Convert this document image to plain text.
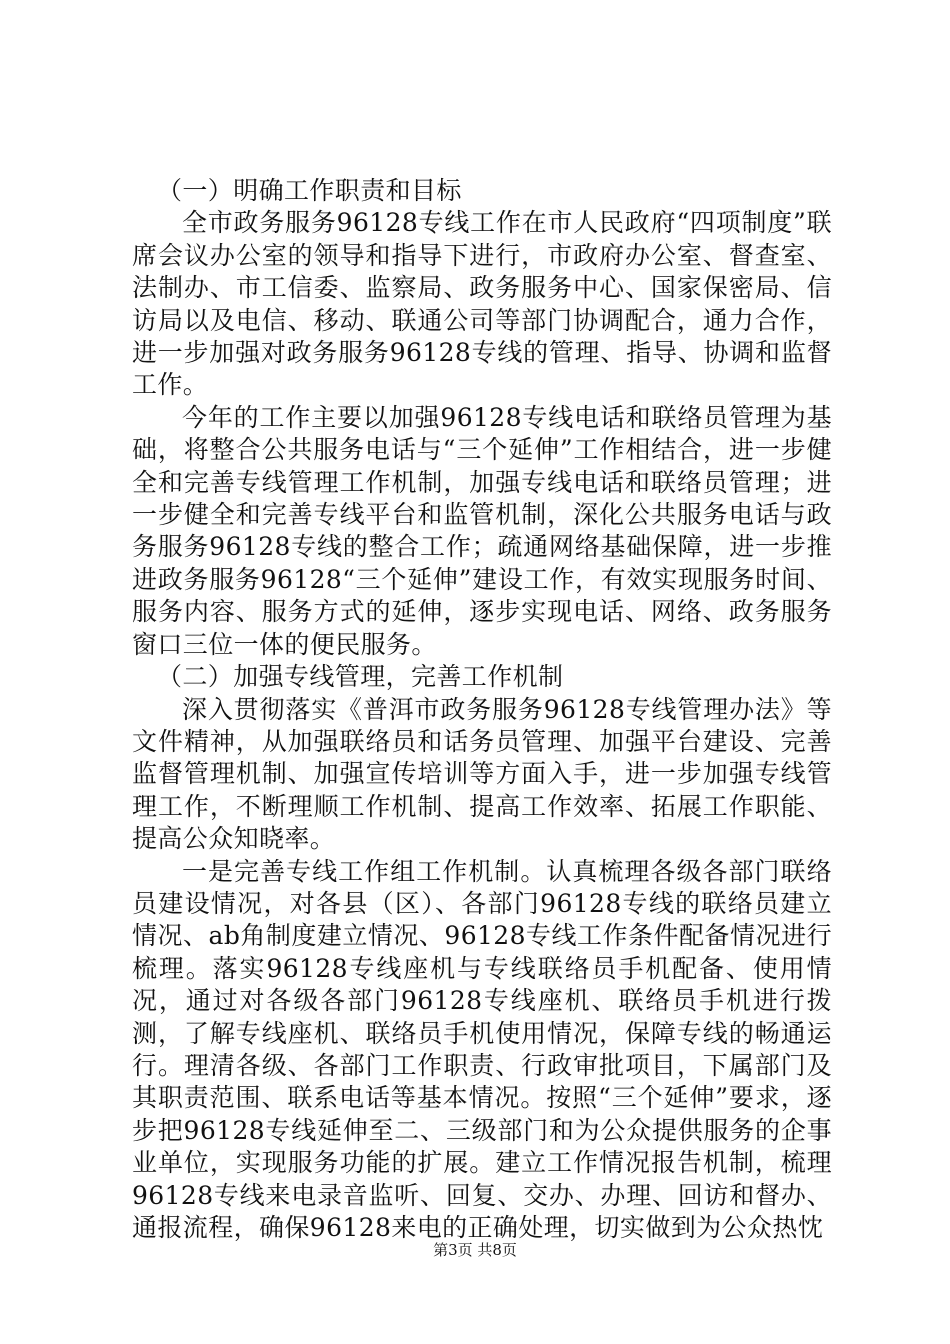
（一）明确工作职责和目标

全市政务服务96128专线工作在市人民政府“四项制度”联席会议办公室的领导和指导下进行，市政府办公室、督查室、法制办、市工信委、监察局、政务服务中心、国家保密局、信访局以及电信、移动、联通公司等部门协调配合，通力合作，进一步加强对政务服务96128专线的管理、指导、协调和监督工作。

今年的工作主要以加强96128专线电话和联络员管理为基础，将整合公共服务电话与“三个延伸”工作相结合，进一步健全和完善专线管理工作机制，加强专线电话和联络员管理；进一步健全和完善专线平台和监管机制，深化公共服务电话与政务服务96128专线的整合工作；疏通网络基础保障，进一步推进政务服务96128“三个延伸”建设工作，有效实现服务时间、服务内容、服务方式的延伸，逐步实现电话、网络、政务服务窗口三位一体的便民服务。

（二）加强专线管理，完善工作机制

深入贯彻落实《普洱市政务服务96128专线管理办法》等文件精神，从加强联络员和话务员管理、加强平台建设、完善监督管理机制、加强宣传培训等方面入手，进一步加强专线管理工作，不断理顺工作机制、提高工作效率、拓展工作职能、提高公众知晓率。

一是完善专线工作组工作机制。认真梳理各级各部门联络员建设情况，对各县（区）、各部门96128专线的联络员建立情况、ab角制度建立情况、96128专线工作条件配备情况进行梳理。落实96128专线座机与专线联络员手机配备、使用情况，通过对各级各部门96128专线座机、联络员手机进行拨测，了解专线座机、联络员手机使用情况，保障专线的畅通运行。理清各级、各部门工作职责、行政审批项目，下属部门及其职责范围、联系电话等基本情况。按照“三个延伸”要求，逐步把96128专线延伸至二、三级部门和为公众提供服务的企事业单位，实现服务功能的扩展。建立工作情况报告机制，梳理96128专线来电录音监听、回复、交办、办理、回访和督办、通报流程，确保96128来电的正确处理，切实做到为公众热忱

第3页 共8页
